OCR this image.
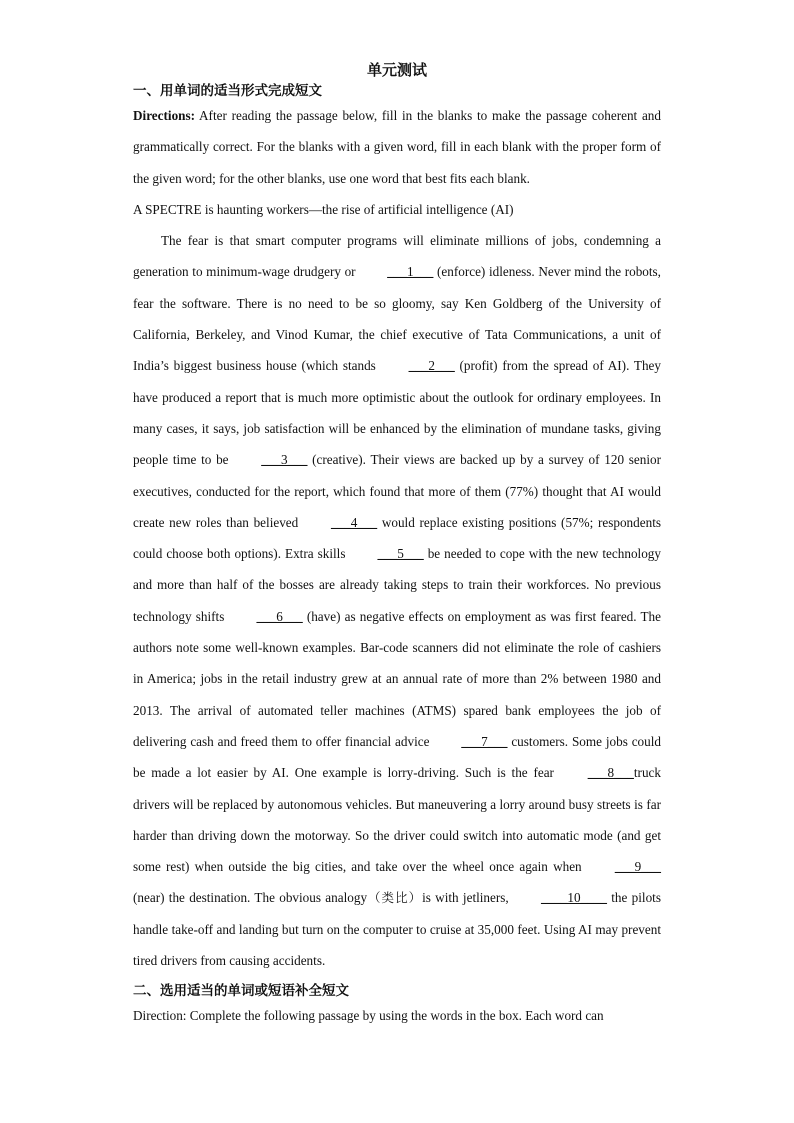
单元测试
一、用单词的适当形式完成短文

Directions: After reading the passage below, fill in the blanks to make the passage coherent and grammatically correct. For the blanks with a given word, fill in each blank with the proper form of the given word; for the other blanks, use one word that best fits each blank.

A SPECTRE is haunting workers—the rise of artificial intelligence (AI)

The fear is that smart computer programs will eliminate millions of jobs, condemning a generation to minimum-wage drudgery or ___1___ (enforce) idleness. Never mind the robots, fear the software. There is no need to be so gloomy, say Ken Goldberg of the University of California, Berkeley, and Vinod Kumar, the chief executive of Tata Communications, a unit of India’s biggest business house (which stands ___2___ (profit) from the spread of AI). They have produced a report that is much more optimistic about the outlook for ordinary employees. In many cases, it says, job satisfaction will be enhanced by the elimination of mundane tasks, giving people time to be ___3___ (creative). Their views are backed up by a survey of 120 senior executives, conducted for the report, which found that more of them (77%) thought that AI would create new roles than believed ___4___ would replace existing positions (57%; respondents could choose both options). Extra skills ___5___ be needed to cope with the new technology and more than half of the bosses are already taking steps to train their workforces. No previous technology shifts ___6___ (have) as negative effects on employment as was first feared. The authors note some well-known examples. Bar-code scanners did not eliminate the role of cashiers in America; jobs in the retail industry grew at an annual rate of more than 2% between 1980 and 2013. The arrival of automated teller machines (ATMS) spared bank employees the job of delivering cash and freed them to offer financial advice ___7___ customers. Some jobs could be made a lot easier by AI. One example is lorry-driving. Such is the fear ___8___truck drivers will be replaced by autonomous vehicles. But maneuvering a lorry around busy streets is far harder than driving down the motorway. So the driver could switch into automatic mode (and get some rest) when outside the big cities, and take over the wheel once again when ___9___ (near) the destination. The obvious analogy（类比）is with jetliners, ____10____ the pilots handle take-off and landing but turn on the computer to cruise at 35,000 feet. Using AI may prevent tired drivers from causing accidents.

二、选用适当的单词或短语补全短文

Direction: Complete the following passage by using the words in the box. Each word can
